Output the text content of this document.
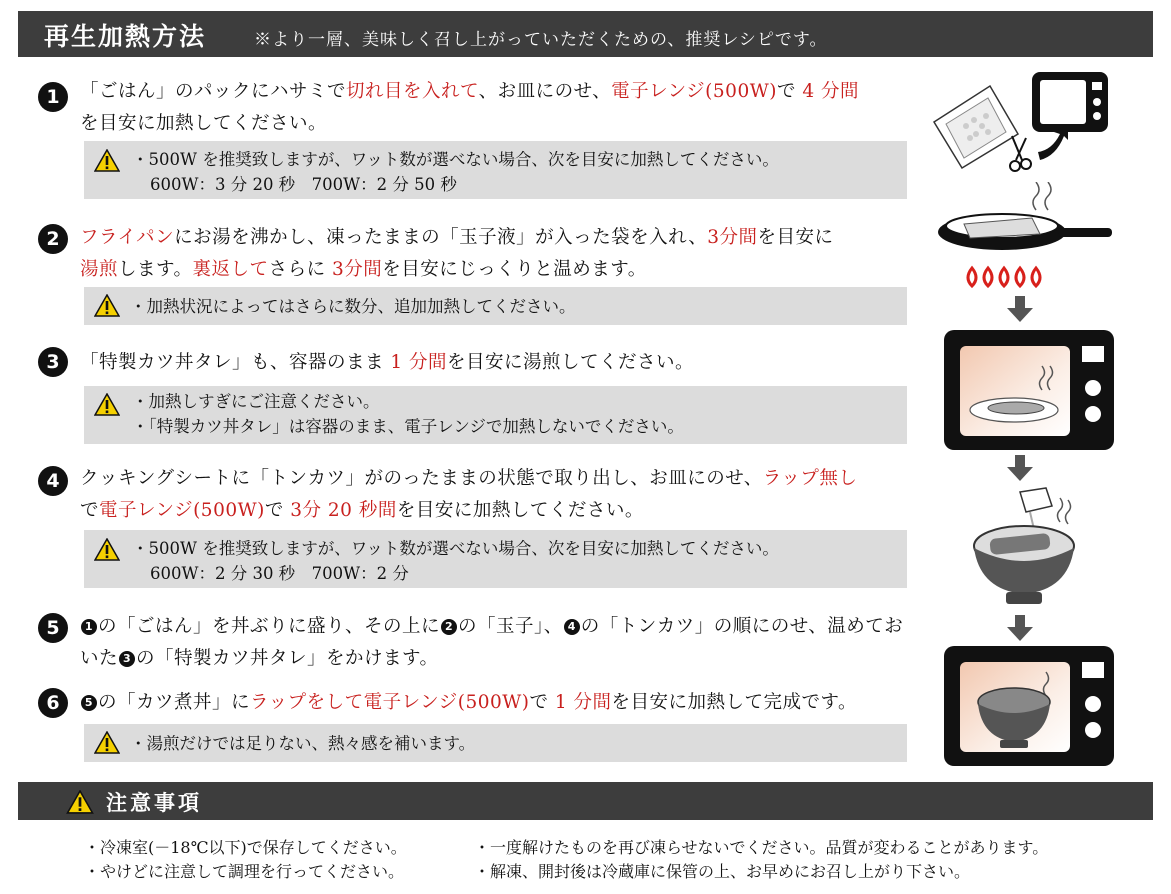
再生加熱方法	※より一層、美味しく召し上がっていただくための、推奨レシピです。
1	「ごはん」のパックにハサミで切れ目を入れて、お皿にのせ、電子レンジ(500W)で 4 分間
を目安に加熱してください。
・500W を推奨致しますが、ワット数が選べない場合、次を目安に加熱してください。
600W：3 分 20 秒　700W：2 分 50 秒
2	フライパンにお湯を沸かし、凍ったままの「玉子液」が入った袋を入れ、3分間を目安に
湯煎します。裏返してさらに 3分間を目安にじっくりと温めます。
・加熱状況によってはさらに数分、追加加熱してください。
3	「特製カツ丼タレ」も、容器のまま 1 分間を目安に湯煎してください。
・加熱しすぎにご注意ください。
・「特製カツ丼タレ」は容器のまま、電子レンジで加熱しないでください。
4	クッキングシートに「トンカツ」がのったままの状態で取り出し、お皿にのせ、ラップ無し
で電子レンジ(500W)で 3分 20 秒間を目安に加熱してください。
・500W を推奨致しますが、ワット数が選べない場合、次を目安に加熱してください。
600W：2 分 30 秒　700W：2 分
5	1 の「ごはん」を丼ぶりに盛り、その上に 2 の「玉子」、 4 の「トンカツ」の順にのせ、温めてお
いた 3 の「特製カツ丼タレ」をかけます。
6	5 の「カツ煮丼」にラップをして電子レンジ(500W)で 1 分間を目安に加熱して完成です。
・湯煎だけでは足りない、熱々感を補います。
注意事項
・冷凍室(－18℃以下)で保存してください。
・やけどに注意して調理を行ってください。
・一度解けたものを再び凍らせないでください。品質が変わることがあります。
・解凍、開封後は冷蔵庫に保管の上、お早めにお召し上がり下さい。
